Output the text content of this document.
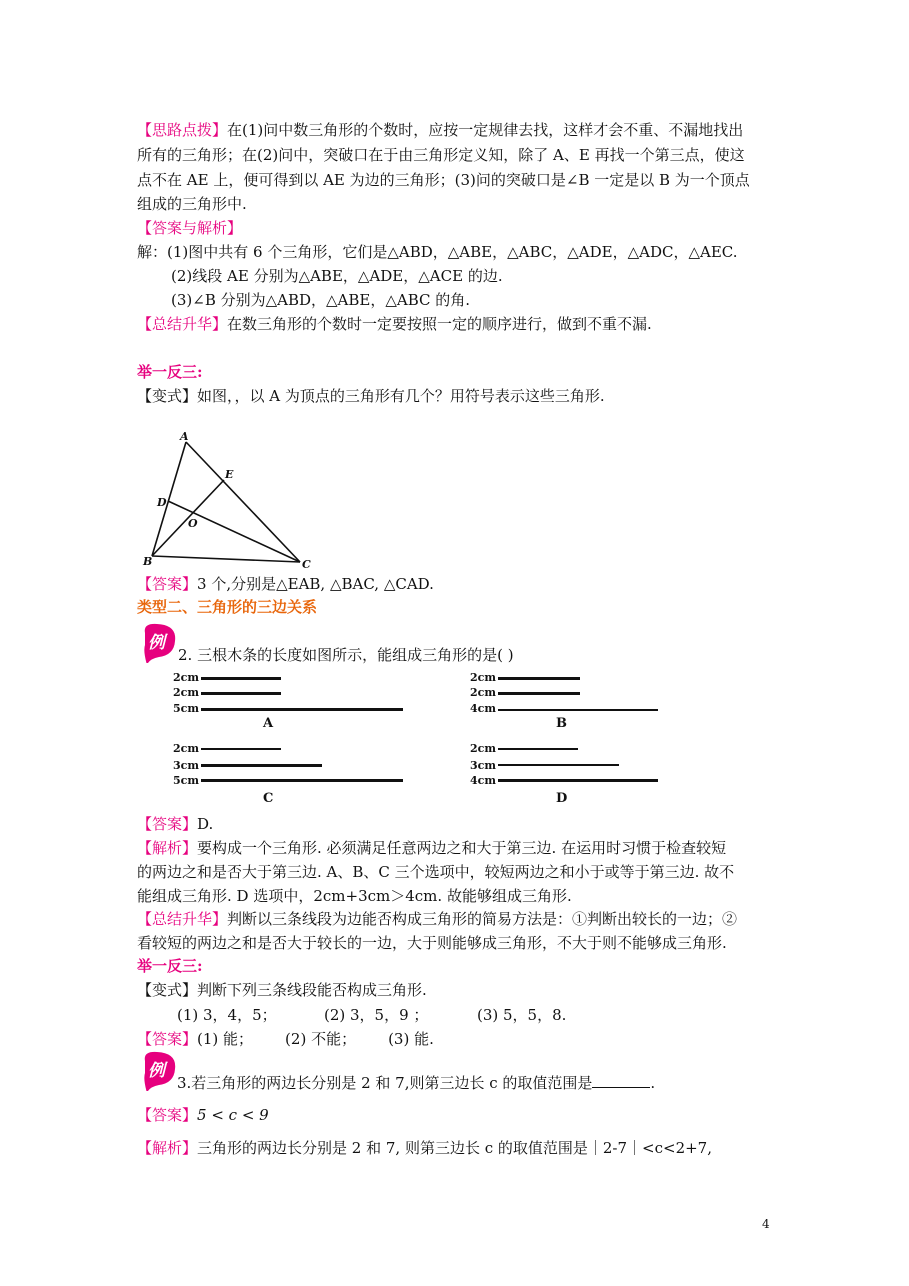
【思路点拨】在(1)问中数三角形的个数时，应按一定规律去找，这样才会不重、不漏地找出
所有的三角形；在(2)问中，突破口在于由三角形定义知，除了 A、E 再找一个第三点，使这
点不在 AE 上，便可得到以 AE 为边的三角形；(3)问的突破口是∠B 一定是以 B 为一个顶点
组成的三角形中.
【答案与解析】
解：(1)图中共有 6 个三角形，它们是△ABD，△ABE，△ABC，△ADE，△ADC，△AEC.
(2)线段 AE 分别为△ABE，△ADE，△ACE 的边.
(3)∠B 分别为△ABD，△ABE，△ABC 的角.
【总结升华】在数三角形的个数时一定要按照一定的顺序进行，做到不重不漏.
举一反三:
【变式】如图，，以 A 为顶点的三角形有几个？用符号表示这些三角形.
A
B	C
D
E
O
【答案】3 个,分别是△EAB, △BAC, △CAD.
类型二、三角形的三边关系
例
2. 三根木条的长度如图所示，能组成三角形的是( )
2cm
2cm
5cm
A
2cm
2cm
4cm
B
2cm
3cm
5cm
C
2cm
3cm
4cm
D
【答案】D.
【解析】要构成一个三角形. 必须满足任意两边之和大于第三边. 在运用时习惯于检查较短
的两边之和是否大于第三边. A、B、C 三个选项中，较短两边之和小于或等于第三边. 故不
能组成三角形. D 选项中，2cm+3cm＞4cm. 故能够组成三角形.
【总结升华】判断以三条线段为边能否构成三角形的简易方法是：①判断出较长的一边；②
看较短的两边之和是否大于较长的一边，大于则能够成三角形，不大于则不能够成三角形.
举一反三:
【变式】判断下列三条线段能否构成三角形.
(1) 3，4，5；	(2) 3，5，9 ；	(3) 5，5，8.
【答案】(1) 能； (2) 不能； (3) 能.
例
3.若三角形的两边长分别是 2 和 7,则第三边长 c 的取值范围是	.
【答案】5 < c < 9
【解析】三角形的两边长分别是 2 和 7, 则第三边长 c 的取值范围是｜2-7｜<c<2+7,
4
